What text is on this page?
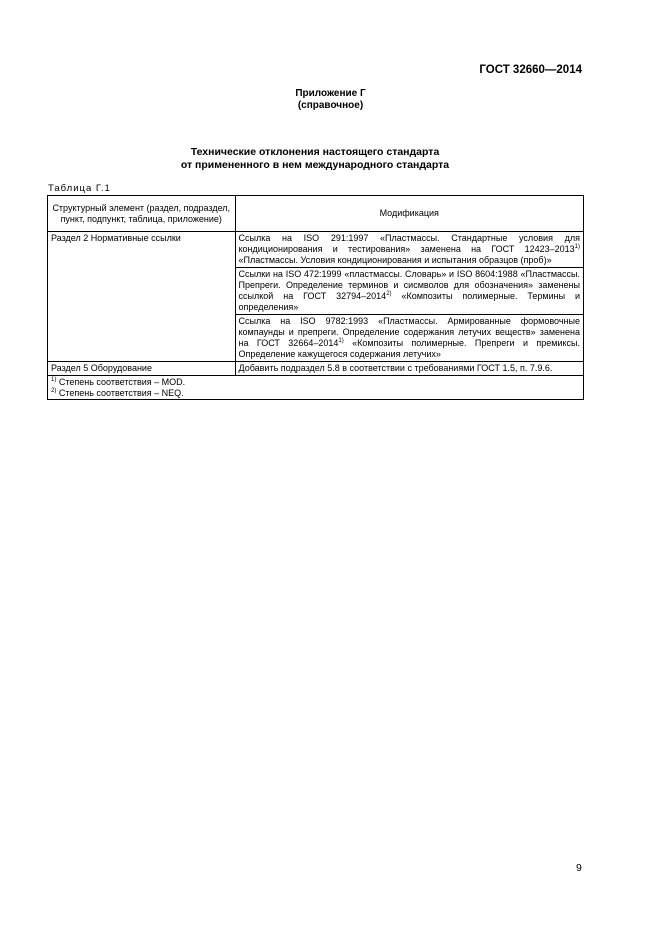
ГОСТ 32660—2014
Приложение Г
(справочное)
Технические отклонения настоящего стандарта
от примененного в нем международного стандарта
Таблица Г.1
Структурный элемент (раздел, подраздел, пункт, подпункт, таблица, приложение)	Модификация
Раздел 2 Нормативные ссылки	Ссылка на ISO 291:1997 «Пластмассы. Стандартные условия для кондиционирования и тестирования» заменена на ГОСТ 12423–2013$^{1)}$ «Пластмассы. Условия кондиционирования и испытания образцов (проб)»
	Ссылки на ISO 472:1999 «пластмассы. Словарь» и ISO 8604:1988 «Пластмассы. Препреги. Определение терминов и сисмволов для обозначения» заменены ссылкой на ГОСТ 32794–2014$^{2)}$ «Композиты полимерные. Термины и определения»
	Ссылка на ISO 9782:1993 «Пластмассы. Армированные формовочные компаунды и препреги. Определение содержания летучих веществ» заменена на ГОСТ 32664–2014$^{1)}$ «Композиты полимерные. Препреги и премиксы. Определение кажущегося содержания летучих»
Раздел 5 Оборудование	Добавить подраздел 5.8 в соответствии с требованиями ГОСТ 1.5, п. 7.9.6.

$^{1)}$ Степень соответствия – MOD.
$^{2)}$ Степень соответствия – NEQ.	
9
